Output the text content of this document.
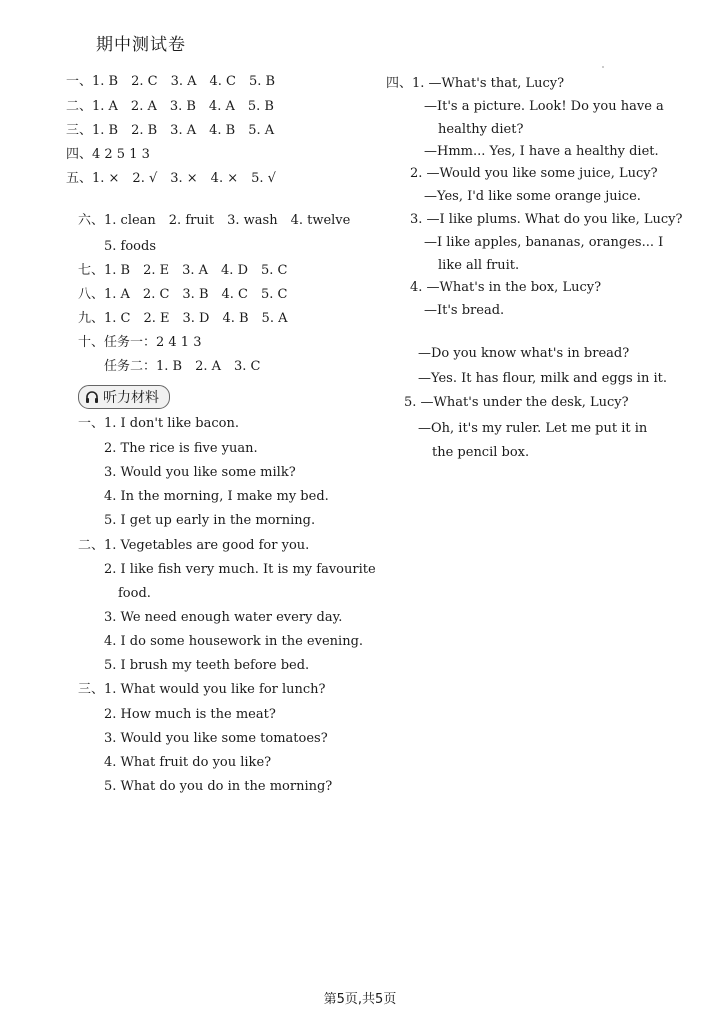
期中测试卷
一、1. B　2. C　3. A　4. C　5. B
二、1. A　2. A　3. B　4. A　5. B
三、1. B　2. B　3. A　4. B　5. A
四、4 2 5 1 3
五、1. ×　2. √　3. ×　4. ×　5. √
六、1. clean　2. fruit　3. wash　4. twelve
5. foods
七、1. B　2. E　3. A　4. D　5. C
八、1. A　2. C　3. B　4. C　5. C
九、1. C　2. E　3. D　4. B　5. A
十、任务一：2 4 1 3
任务二：1. B　2. A　3. C
听力材料
一、1. I don't like bacon.
2. The rice is five yuan.
3. Would you like some milk?
4. In the morning, I make my bed.
5. I get up early in the morning.
二、1. Vegetables are good for you.
2. I like fish very much. It is my favourite
food.
3. We need enough water every day.
4. I do some housework in the evening.
5. I brush my teeth before bed.
三、1. What would you like for lunch?
2. How much is the meat?
3. Would you like some tomatoes?
4. What fruit do you like?
5. What do you do in the morning?
四、1. —What's that, Lucy?
—It's a picture. Look! Do you have a
healthy diet?
—Hmm... Yes, I have a healthy diet.
2. —Would you like some juice, Lucy?
—Yes, I'd like some orange juice.
3. —I like plums. What do you like, Lucy?
—I like apples, bananas, oranges... I
like all fruit.
4. —What's in the box, Lucy?
—It's bread.
—Do you know what's in bread?
—Yes. It has flour, milk and eggs in it.
5. —What's under the desk, Lucy?
—Oh, it's my ruler. Let me put it in
the pencil box.
第5页,共5页
